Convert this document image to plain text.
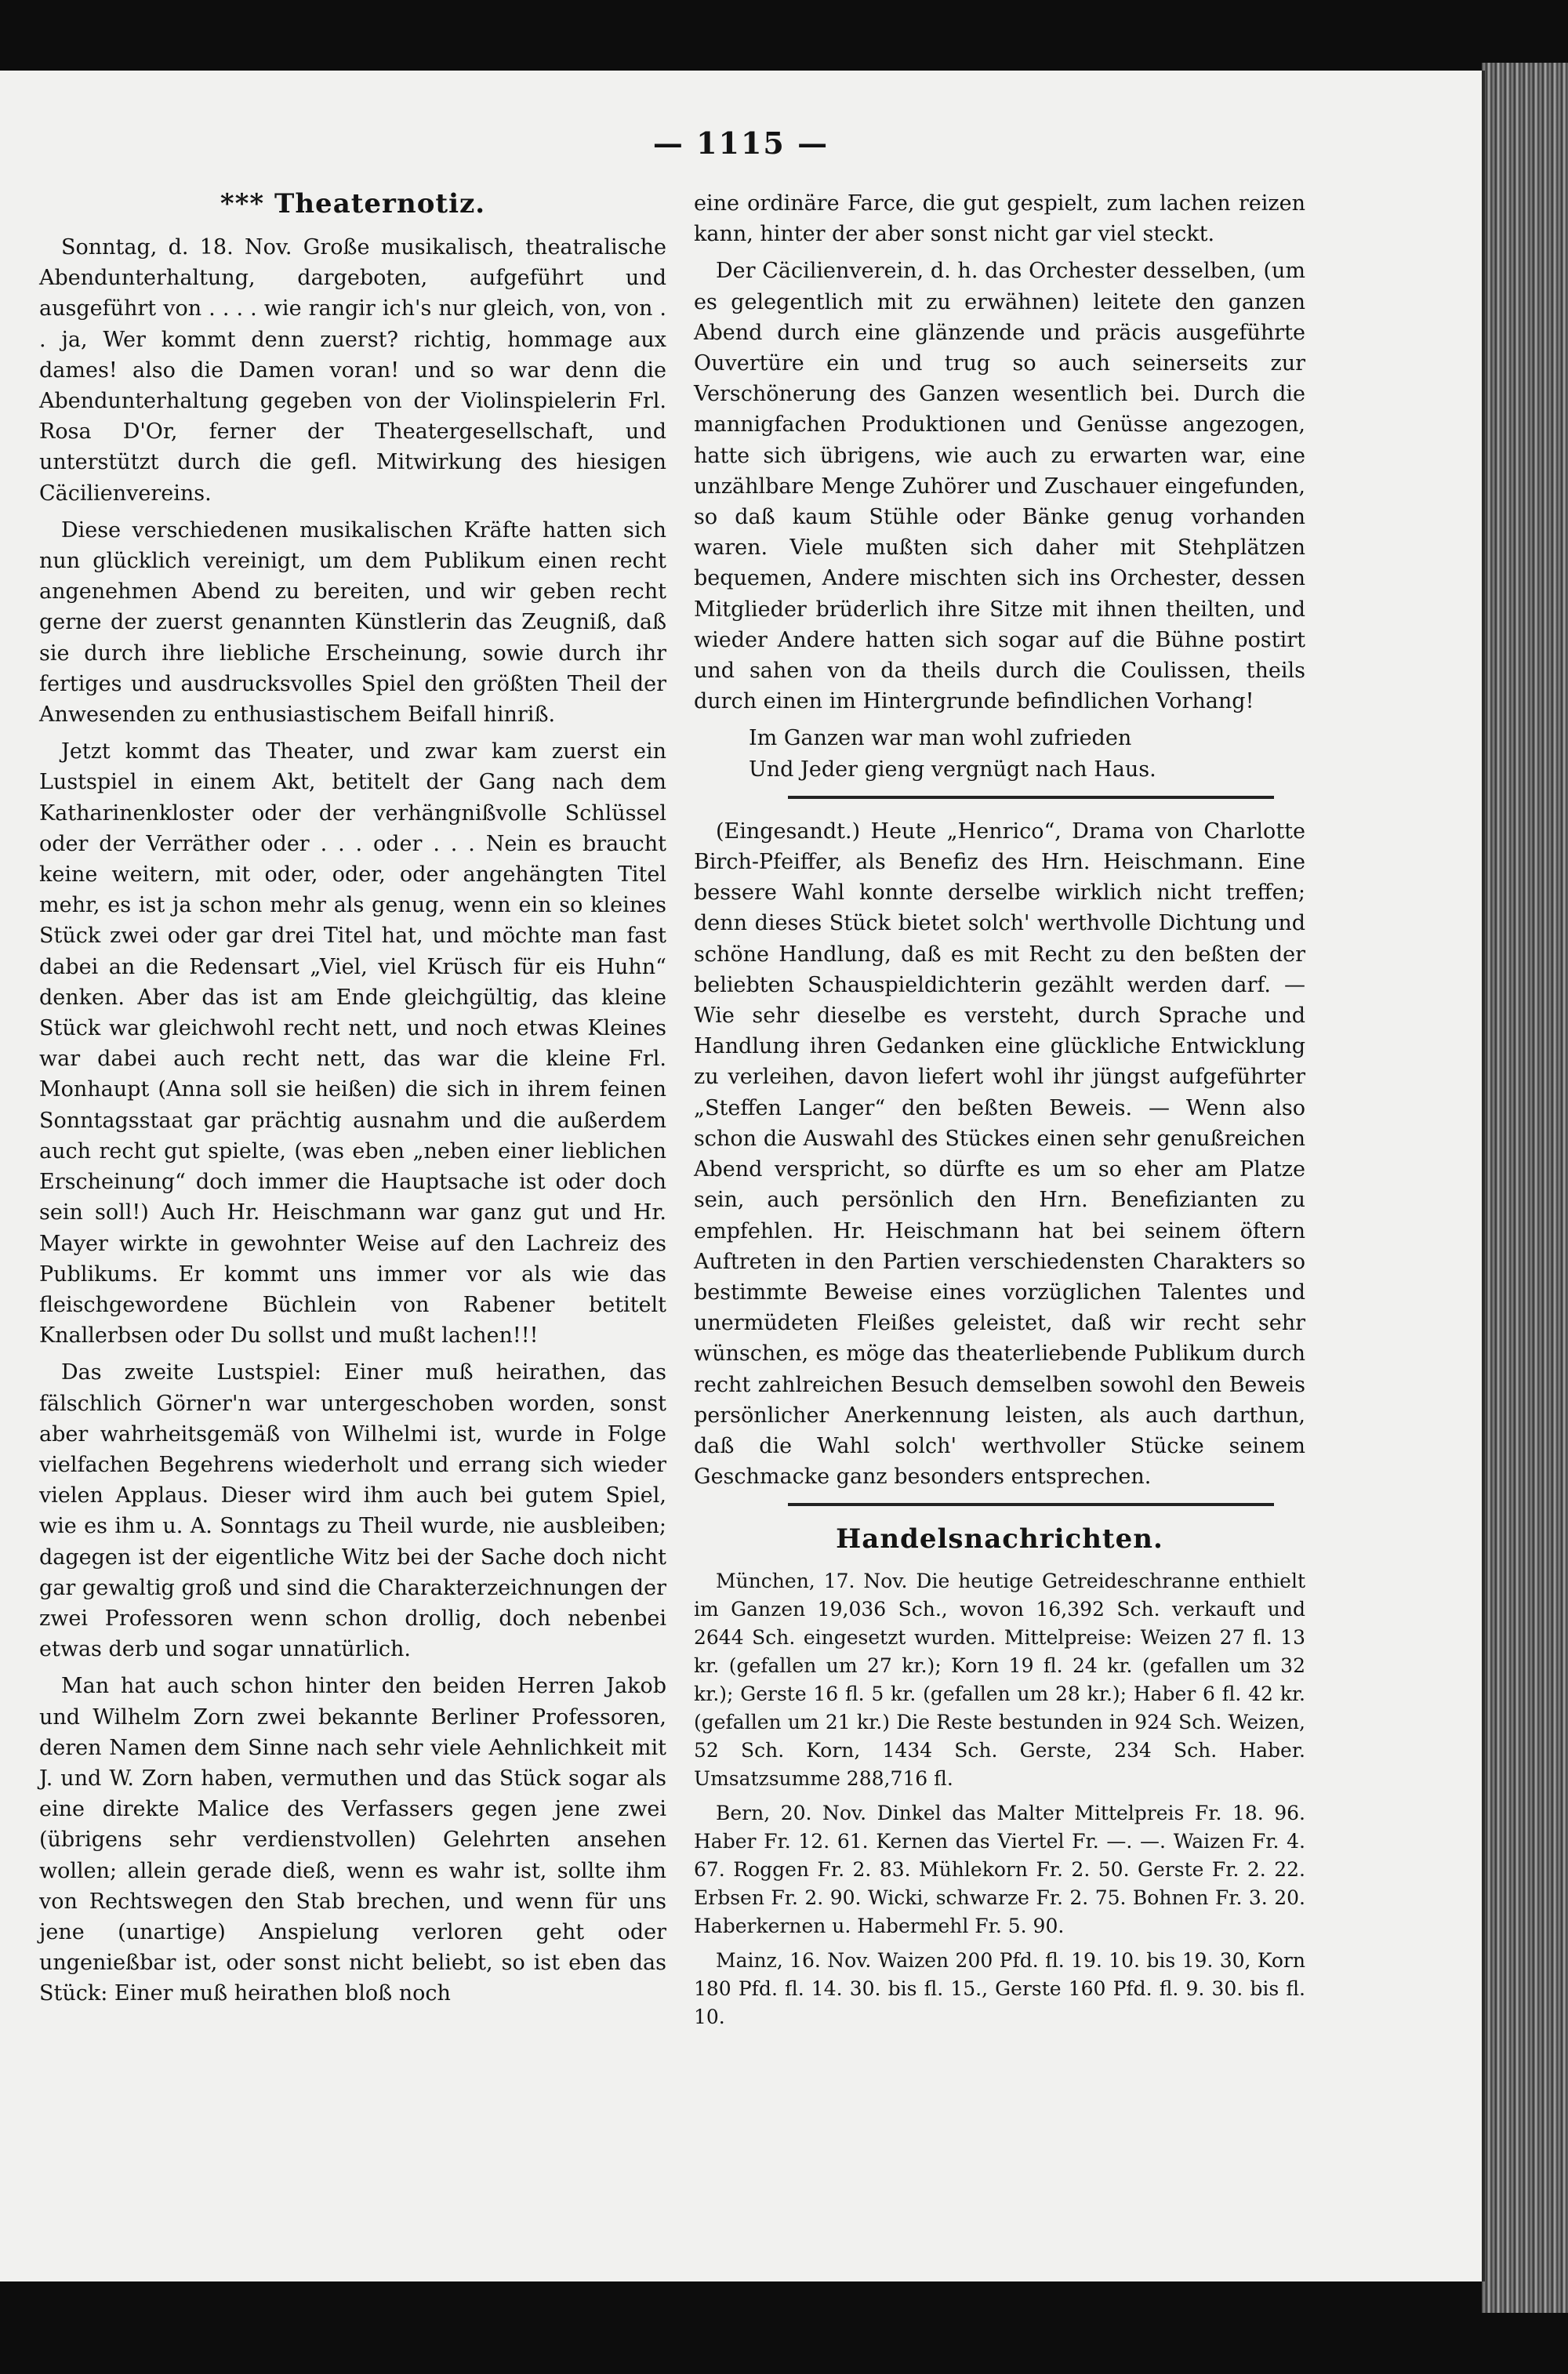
— 1115 —
*** Theaternotiz.

Sonntag, d. 18. Nov. Große musikalisch, theatralische Abendunterhaltung, dargeboten, aufgeführt und ausgeführt von . . . . wie rangir ich's nur gleich, von, von . . ja, Wer kommt denn zuerst? richtig, hommage aux dames! also die Damen voran! und so war denn die Abendunterhaltung gegeben von der Violinspielerin Frl. Rosa D'Or, ferner der Theatergesellschaft, und unterstützt durch die gefl. Mitwirkung des hiesigen Cäcilienvereins.

Diese verschiedenen musikalischen Kräfte hatten sich nun glücklich vereinigt, um dem Publikum einen recht angenehmen Abend zu bereiten, und wir geben recht gerne der zuerst genannten Künstlerin das Zeugniß, daß sie durch ihre liebliche Erscheinung, sowie durch ihr fertiges und ausdrucksvolles Spiel den größten Theil der Anwesenden zu enthusiastischem Beifall hinriß.

Jetzt kommt das Theater, und zwar kam zuerst ein Lustspiel in einem Akt, betitelt der Gang nach dem Katharinenkloster oder der verhängnißvolle Schlüssel oder der Verräther oder . . . oder . . . Nein es braucht keine weitern, mit oder, oder, oder angehängten Titel mehr, es ist ja schon mehr als genug, wenn ein so kleines Stück zwei oder gar drei Titel hat, und möchte man fast dabei an die Redensart „Viel, viel Krüsch für eis Huhn“ denken. Aber das ist am Ende gleichgültig, das kleine Stück war gleichwohl recht nett, und noch etwas Kleines war dabei auch recht nett, das war die kleine Frl. Monhaupt (Anna soll sie heißen) die sich in ihrem feinen Sonntagsstaat gar prächtig ausnahm und die außerdem auch recht gut spielte, (was eben „neben einer lieblichen Erscheinung“ doch immer die Hauptsache ist oder doch sein soll!) Auch Hr. Heischmann war ganz gut und Hr. Mayer wirkte in gewohnter Weise auf den Lachreiz des Publikums. Er kommt uns immer vor als wie das fleischgewordene Büchlein von Rabener betitelt Knallerbsen oder Du sollst und mußt lachen!!!

Das zweite Lustspiel: Einer muß heirathen, das fälschlich Görner'n war untergeschoben worden, sonst aber wahrheitsgemäß von Wilhelmi ist, wurde in Folge vielfachen Begehrens wiederholt und errang sich wieder vielen Applaus. Dieser wird ihm auch bei gutem Spiel, wie es ihm u. A. Sonntags zu Theil wurde, nie ausbleiben; dagegen ist der eigentliche Witz bei der Sache doch nicht gar gewaltig groß und sind die Charakterzeichnungen der zwei Professoren wenn schon drollig, doch nebenbei etwas derb und sogar unnatürlich.

Man hat auch schon hinter den beiden Herren Jakob und Wilhelm Zorn zwei bekannte Berliner Professoren, deren Namen dem Sinne nach sehr viele Aehnlichkeit mit J. und W. Zorn haben, vermuthen und das Stück sogar als eine direkte Malice des Verfassers gegen jene zwei (übrigens sehr verdienstvollen) Gelehrten ansehen wollen; allein gerade dieß, wenn es wahr ist, sollte ihm von Rechtswegen den Stab brechen, und wenn für uns jene (unartige) Anspielung verloren geht oder ungenießbar ist, oder sonst nicht beliebt, so ist eben das Stück: Einer muß heirathen bloß noch

eine ordinäre Farce, die gut gespielt, zum lachen reizen kann, hinter der aber sonst nicht gar viel steckt.

Der Cäcilienverein, d. h. das Orchester desselben, (um es gelegentlich mit zu erwähnen) leitete den ganzen Abend durch eine glänzende und präcis ausgeführte Ouvertüre ein und trug so auch seinerseits zur Verschönerung des Ganzen wesentlich bei. Durch die mannigfachen Produktionen und Genüsse angezogen, hatte sich übrigens, wie auch zu erwarten war, eine unzählbare Menge Zuhörer und Zuschauer eingefunden, so daß kaum Stühle oder Bänke genug vorhanden waren. Viele mußten sich daher mit Stehplätzen bequemen, Andere mischten sich ins Orchester, dessen Mitglieder brüderlich ihre Sitze mit ihnen theilten, und wieder Andere hatten sich sogar auf die Bühne postirt und sahen von da theils durch die Coulissen, theils durch einen im Hintergrunde befindlichen Vorhang!

Im Ganzen war man wohl zufrieden

Und Jeder gieng vergnügt nach Haus.

(Eingesandt.) Heute „Henrico“, Drama von Charlotte Birch-Pfeiffer, als Benefiz des Hrn. Heischmann. Eine bessere Wahl konnte derselbe wirklich nicht treffen; denn dieses Stück bietet solch' werthvolle Dichtung und schöne Handlung, daß es mit Recht zu den beßten der beliebten Schauspieldichterin gezählt werden darf. — Wie sehr dieselbe es versteht, durch Sprache und Handlung ihren Gedanken eine glückliche Entwicklung zu verleihen, davon liefert wohl ihr jüngst aufgeführter „Steffen Langer“ den beßten Beweis. — Wenn also schon die Auswahl des Stückes einen sehr genußreichen Abend verspricht, so dürfte es um so eher am Platze sein, auch persönlich den Hrn. Benefizianten zu empfehlen. Hr. Heischmann hat bei seinem öftern Auftreten in den Partien verschiedensten Charakters so bestimmte Beweise eines vorzüglichen Talentes und unermüdeten Fleißes geleistet, daß wir recht sehr wünschen, es möge das theaterliebende Publikum durch recht zahlreichen Besuch demselben sowohl den Beweis persönlicher Anerkennung leisten, als auch darthun, daß die Wahl solch' werthvoller Stücke seinem Geschmacke ganz besonders entsprechen.

Handelsnachrichten.

München, 17. Nov. Die heutige Getreideschranne enthielt im Ganzen 19,036 Sch., wovon 16,392 Sch. verkauft und 2644 Sch. eingesetzt wurden. Mittelpreise: Weizen 27 fl. 13 kr. (gefallen um 27 kr.); Korn 19 fl. 24 kr. (gefallen um 32 kr.); Gerste 16 fl. 5 kr. (gefallen um 28 kr.); Haber 6 fl. 42 kr. (gefallen um 21 kr.) Die Reste bestunden in 924 Sch. Weizen, 52 Sch. Korn, 1434 Sch. Gerste, 234 Sch. Haber. Umsatzsumme 288,716 fl.

Bern, 20. Nov. Dinkel das Malter Mittelpreis Fr. 18. 96. Haber Fr. 12. 61. Kernen das Viertel Fr. —. —. Waizen Fr. 4. 67. Roggen Fr. 2. 83. Mühlekorn Fr. 2. 50. Gerste Fr. 2. 22. Erbsen Fr. 2. 90. Wicki, schwarze Fr. 2. 75. Bohnen Fr. 3. 20. Haberkernen u. Habermehl Fr. 5. 90.

Mainz, 16. Nov. Waizen 200 Pfd. fl. 19. 10. bis 19. 30, Korn 180 Pfd. fl. 14. 30. bis fl. 15., Gerste 160 Pfd. fl. 9. 30. bis fl. 10.
